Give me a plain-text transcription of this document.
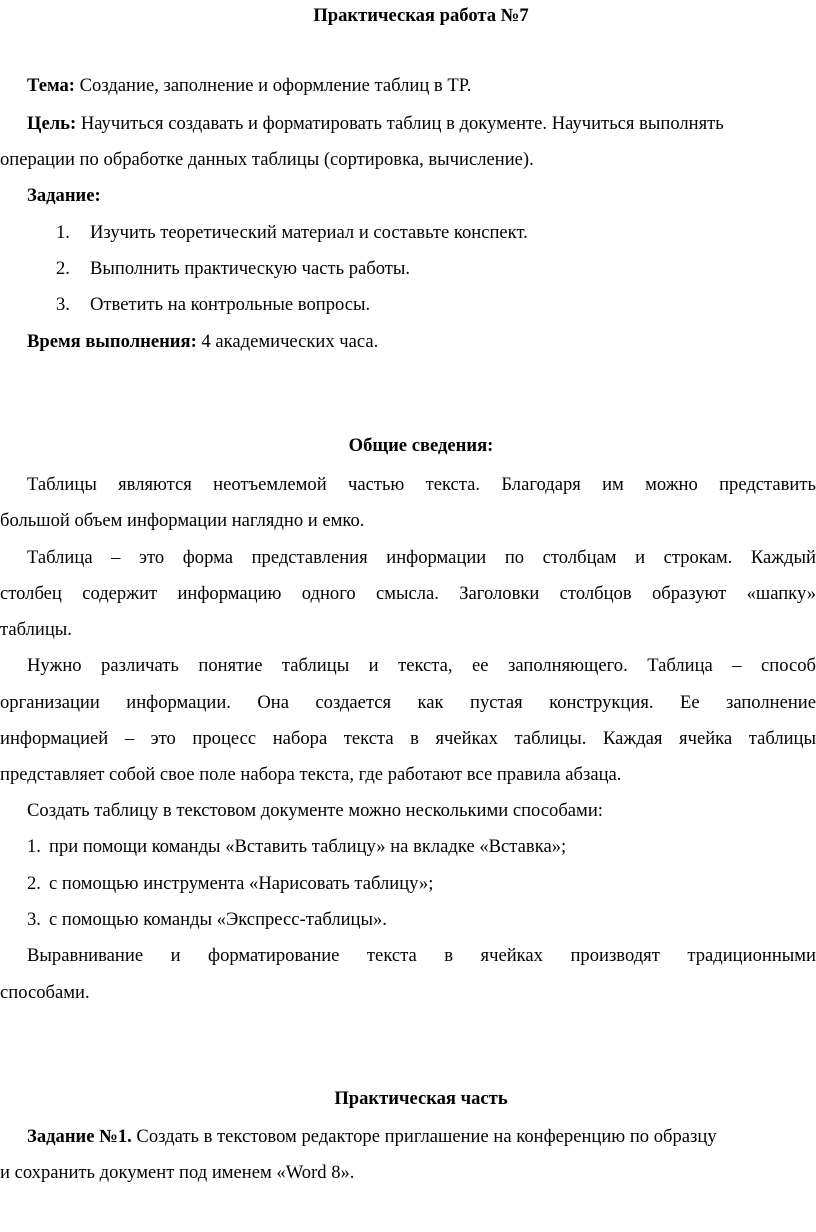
Практическая работа №7
Тема: Создание, заполнение и оформление таблиц в ТР.
Цель: Научиться создавать и форматировать таблиц в документе. Научиться выполнять
операции по обработке данных таблицы (сортировка, вычисление).
Задание:
1. Изучить теоретический материал и составьте конспект.
2. Выполнить практическую часть работы.
3. Ответить на контрольные вопросы.
Время выполнения: 4 академических часа.
Общие сведения:
Таблицы являются неотъемлемой частью текста. Благодаря им можно представить
большой объем информации наглядно и емко.
Таблица – это форма представления информации по столбцам и строкам. Каждый
столбец содержит информацию одного смысла. Заголовки столбцов образуют «шапку»
таблицы.
Нужно различать понятие таблицы и текста, ее заполняющего. Таблица – способ
организации информации. Она создается как пустая конструкция. Ее заполнение
информацией – это процесс набора текста в ячейках таблицы. Каждая ячейка таблицы
представляет собой свое поле набора текста, где работают все правила абзаца.
Создать таблицу в текстовом документе можно несколькими способами:
1. при помощи команды «Вставить таблицу» на вкладке «Вставка»;
2. с помощью инструмента «Нарисовать таблицу»;
3. с помощью команды «Экспресс-таблицы».
Выравнивание и форматирование текста в ячейках производят традиционными
способами.
Практическая часть
Задание №1. Создать в текстовом редакторе приглашение на конференцию по образцу
и сохранить документ под именем «Word 8».
